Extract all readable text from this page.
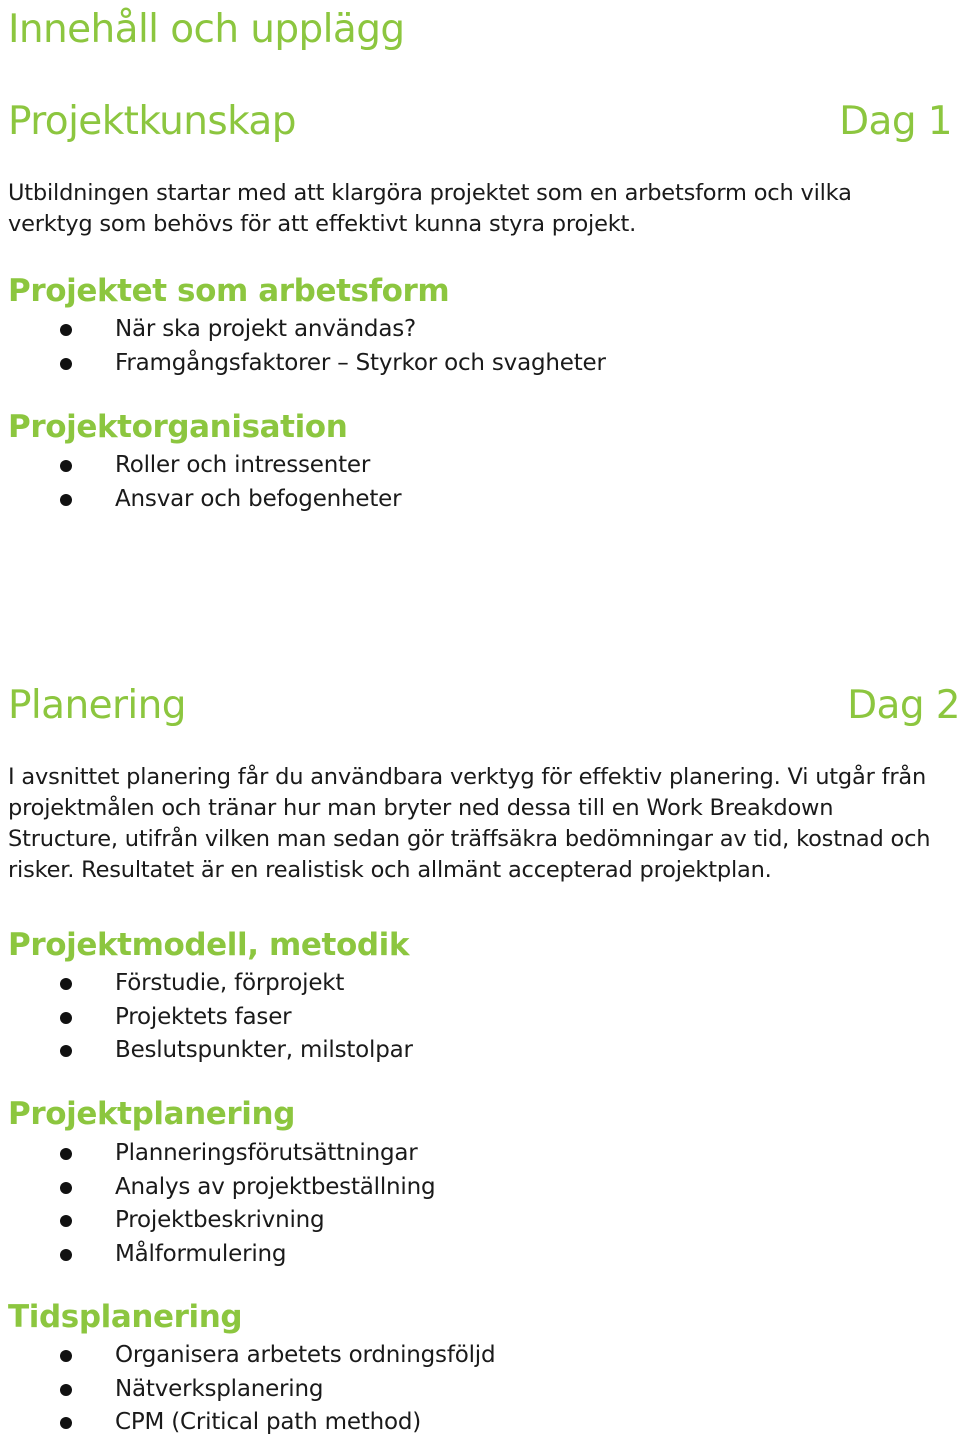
Innehåll och upplägg
Projektkunskap	Dag 1

Utbildningen startar med att klargöra projektet som en arbetsform och vilka verktyg som behövs för att effektivt kunna styra projekt.

Projektet som arbetsform
När ska projekt användas?
Framgångsfaktorer – Styrkor och svagheter
Projektorganisation
Roller och intressenter
Ansvar och befogenheter
Planering	Dag 2

I avsnittet planering får du användbara verktyg för effektiv planering. Vi utgår från projektmålen och tränar hur man bryter ned dessa till en Work Breakdown Structure, utifrån vilken man sedan gör träffsäkra bedömningar av tid, kostnad och risker. Resultatet är en realistisk och allmänt accepterad projektplan.

Projektmodell, metodik
Förstudie, förprojekt
Projektets faser
Beslutspunkter, milstolpar
Projektplanering
Planneringsförutsättningar
Analys av projektbeställning
Projektbeskrivning
Målformulering
Tidsplanering
Organisera arbetets ordningsföljd
Nätverksplanering
CPM (Critical path method)
